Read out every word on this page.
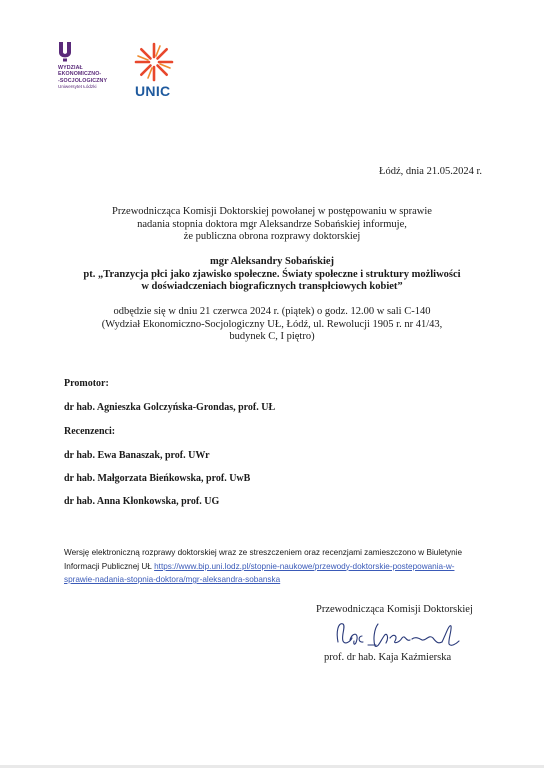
WYDZIAŁ
EKONOMICZNO-
-SOCJOLOGICZNY
Uniwersytet Łódzki	UNIC
Łódź, dnia 21.05.2024 r.
Przewodnicząca Komisji Doktorskiej powołanej w postępowaniu w sprawie
nadania stopnia doktora mgr Aleksandrze Sobańskiej informuje,
że publiczna obrona rozprawy doktorskiej
mgr Aleksandry Sobańskiej
pt. „Tranzycja płci jako zjawisko społeczne. Światy społeczne i struktury możliwości
w doświadczeniach biograficznych transpłciowych kobiet”
odbędzie się w dniu 21 czerwca 2024 r. (piątek) o godz. 12.00 w sali C-140
(Wydział Ekonomiczno-Socjologiczny UŁ, Łódź, ul. Rewolucji 1905 r. nr 41/43,
budynek C, I piętro)
Promotor:
dr hab. Agnieszka Golczyńska-Grondas, prof. UŁ
Recenzenci:
dr hab. Ewa Banaszak, prof. UWr
dr hab. Małgorzata Bieńkowska, prof. UwB
dr hab. Anna Kłonkowska, prof. UG
Wersję elektroniczną rozprawy doktorskiej wraz ze streszczeniem oraz recenzjami zamieszczono w Biuletynie Informacji Publicznej UŁ https://www.bip.uni.lodz.pl/stopnie-naukowe/przewody-doktorskie-postepowania-w-sprawie-nadania-stopnia-doktora/mgr-aleksandra-sobanska
Przewodnicząca Komisji Doktorskiej
prof. dr hab. Kaja Kaźmierska
